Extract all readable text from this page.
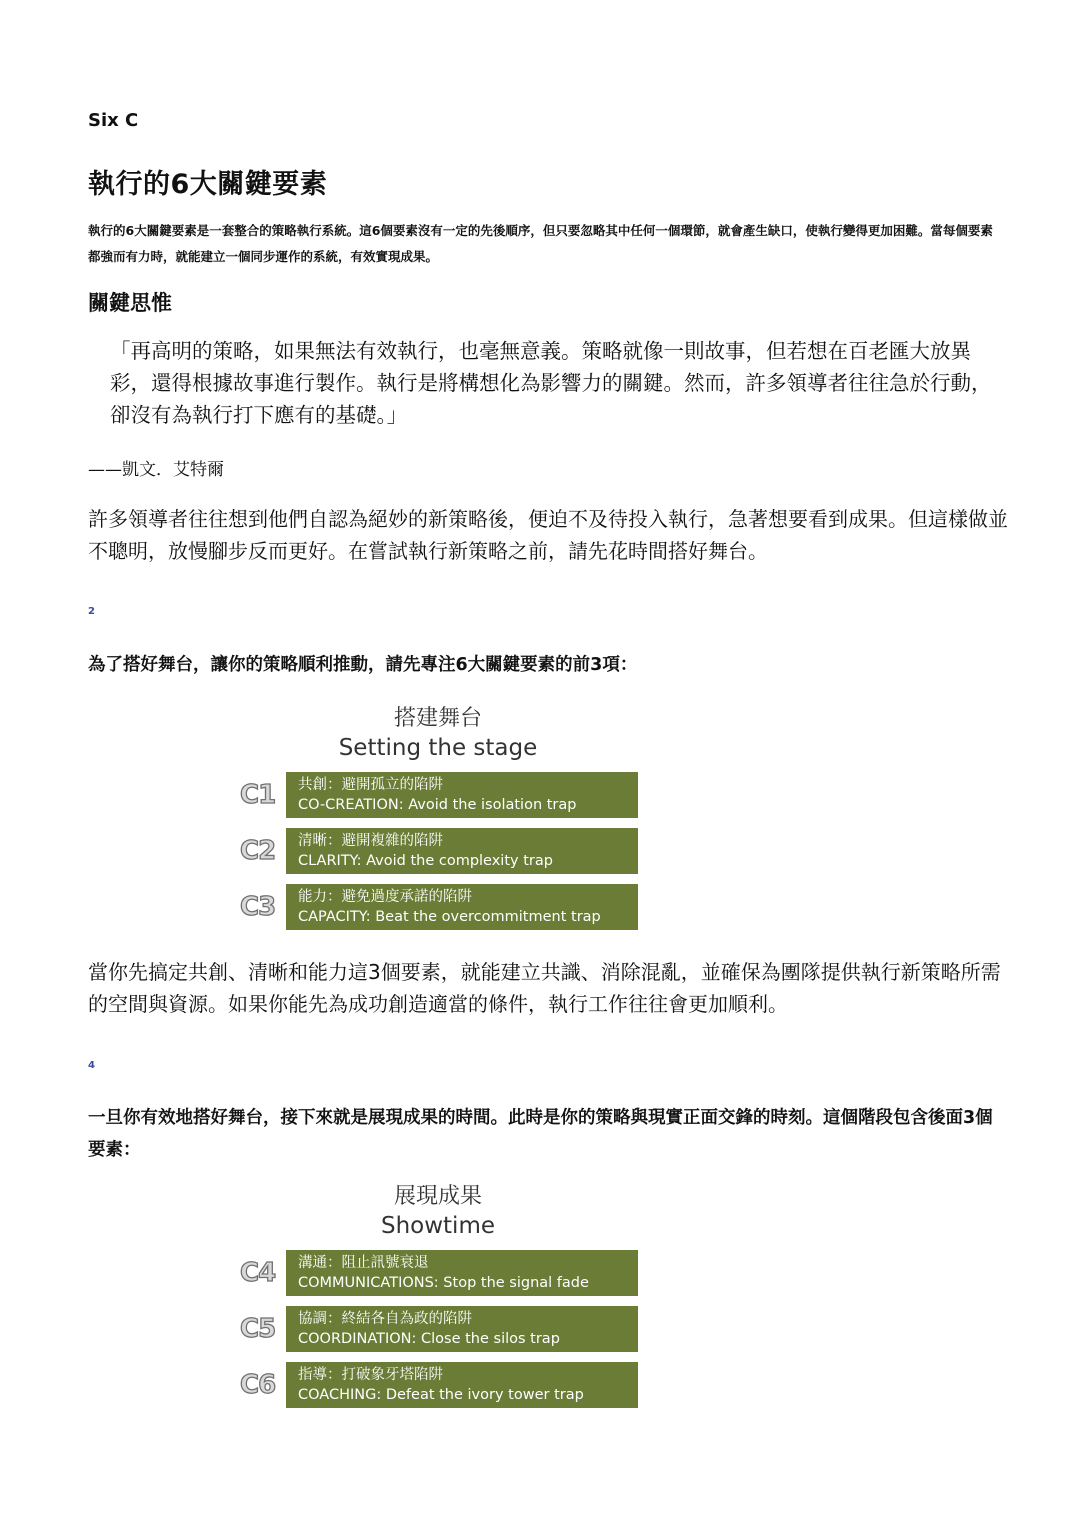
Six C
執行的6大關鍵要素
執行的6大關鍵要素是一套整合的策略執行系統。這6個要素沒有一定的先後順序，但只要忽略其中任何一個環節，就會產生缺口，使執行變得更加困難。當每個要素都強而有力時，就能建立一個同步運作的系統，有效實現成果。
關鍵思惟
「再高明的策略，如果無法有效執行，也毫無意義。策略就像一則故事，但若想在百老匯大放異彩，還得根據故事進行製作。執行是將構想化為影響力的關鍵。然而，許多領導者往往急於行動，卻沒有為執行打下應有的基礎。」
——凱文．艾特爾
許多領導者往往想到他們自認為絕妙的新策略後，便迫不及待投入執行，急著想要看到成果。但這樣做並不聰明，放慢腳步反而更好。在嘗試執行新策略之前，請先花時間搭好舞台。
2
為了搭好舞台，讓你的策略順利推動，請先專注6大關鍵要素的前3項：
搭建舞台
Setting the stage
C1	共創：避開孤立的陷阱
CO-CREATION: Avoid the isolation trap
C2	清晰：避開複雜的陷阱
CLARITY: Avoid the complexity trap
C3	能力：避免過度承諾的陷阱
CAPACITY: Beat the overcommitment trap
當你先搞定共創、清晰和能力這3個要素，就能建立共識、消除混亂，並確保為團隊提供執行新策略所需的空間與資源。如果你能先為成功創造適當的條件，執行工作往往會更加順利。
4
一旦你有效地搭好舞台，接下來就是展現成果的時間。此時是你的策略與現實正面交鋒的時刻。這個階段包含後面3個要素：
展現成果
Showtime
C4	溝通：阻止訊號衰退
COMMUNICATIONS: Stop the signal fade
C5	協調：終結各自為政的陷阱
COORDINATION: Close the silos trap
C6	指導：打破象牙塔陷阱
COACHING: Defeat the ivory tower trap
